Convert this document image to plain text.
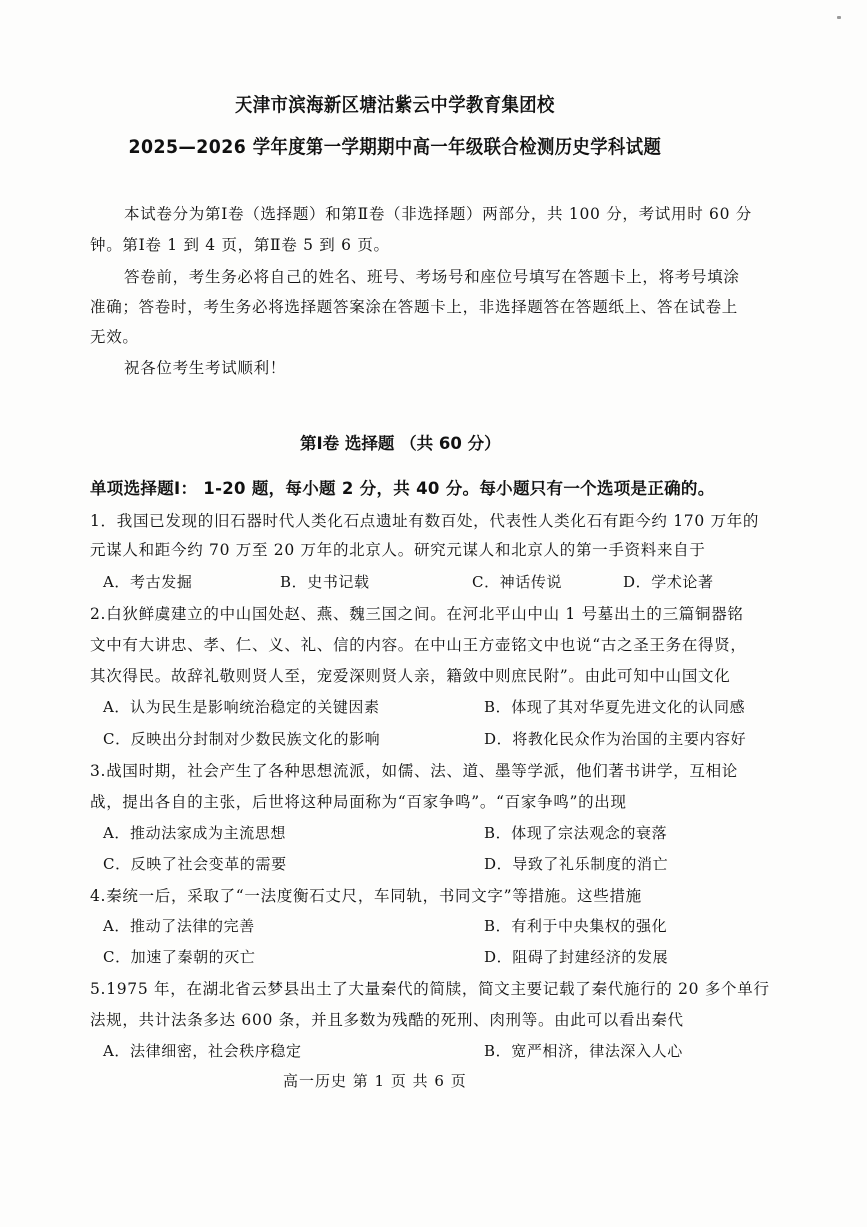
天津市滨海新区塘沽紫云中学教育集团校
2025—2026 学年度第一学期期中高一年级联合检测历史学科试题
本试卷分为第Ⅰ卷（选择题）和第Ⅱ卷（非选择题）两部分，共 100 分，考试用时 60 分
钟。第Ⅰ卷 1 到 4 页，第Ⅱ卷 5 到 6 页。
答卷前，考生务必将自己的姓名、班号、考场号和座位号填写在答题卡上，将考号填涂
准确；答卷时，考生务必将选择题答案涂在答题卡上，非选择题答在答题纸上、答在试卷上
无效。
祝各位考生考试顺利！
第Ⅰ卷 选择题 （共 60 分）
单项选择题Ⅰ： 1-20 题，每小题 2 分，共 40 分。每小题只有一个选项是正确的。
1．我国已发现的旧石器时代人类化石点遗址有数百处，代表性人类化石有距今约 170 万年的
元谋人和距今约 70 万至 20 万年的北京人。研究元谋人和北京人的第一手资料来自于
A．考古发掘	B．史书记载	C．神话传说	D．学术论著
2.白狄鲜虞建立的中山国处赵、燕、魏三国之间。在河北平山中山 1 号墓出土的三篇铜器铭
文中有大讲忠、孝、仁、义、礼、信的内容。在中山王方壶铭文中也说“古之圣王务在得贤，
其次得民。故辞礼敬则贤人至，宠爱深则贤人亲，籍敛中则庶民附”。由此可知中山国文化
A．认为民生是影响统治稳定的关键因素	B．体现了其对华夏先进文化的认同感
C．反映出分封制对少数民族文化的影响	D．将教化民众作为治国的主要内容好
3.战国时期，社会产生了各种思想流派，如儒、法、道、墨等学派，他们著书讲学，互相论
战，提出各自的主张，后世将这种局面称为“百家争鸣”。“百家争鸣”的出现
A．推动法家成为主流思想	B．体现了宗法观念的衰落
C．反映了社会变革的需要	D．导致了礼乐制度的消亡
4.秦统一后，采取了“一法度衡石丈尺，车同轨，书同文字”等措施。这些措施
A．推动了法律的完善	B．有利于中央集权的强化
C．加速了秦朝的灭亡	D．阻碍了封建经济的发展
5.1975 年，在湖北省云梦县出土了大量秦代的简牍，简文主要记载了秦代施行的 20 多个单行
法规，共计法条多达 600 条，并且多数为残酷的死刑、肉刑等。由此可以看出秦代
A．法律细密，社会秩序稳定	B．宽严相济，律法深入人心
高一历史 第 1 页 共 6 页
